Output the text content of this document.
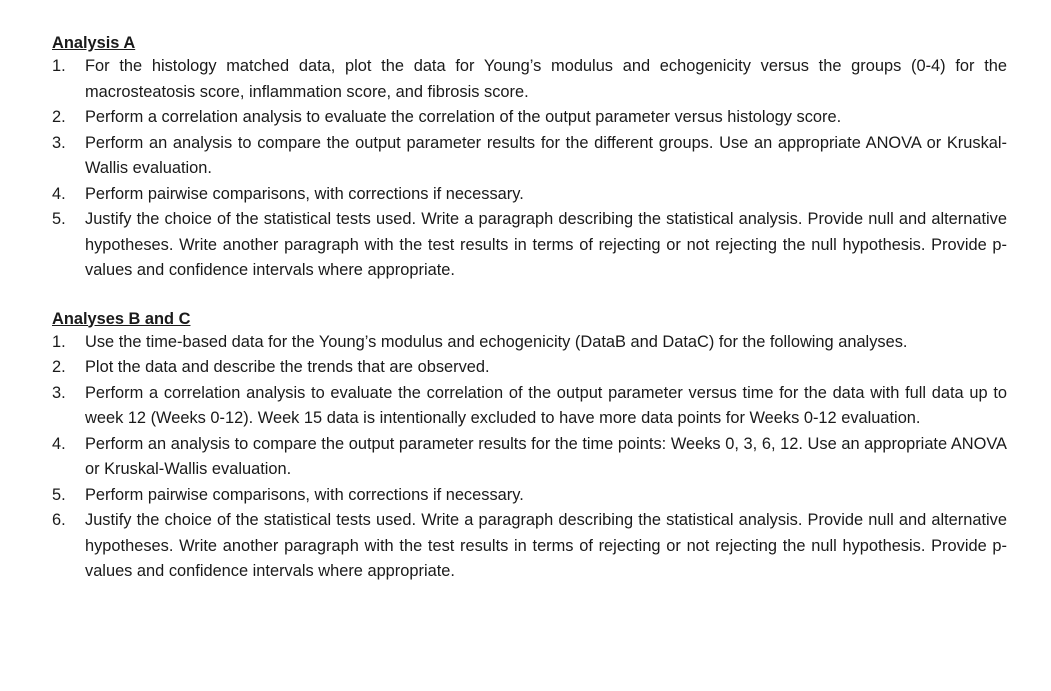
Analysis A

1.	For the histology matched data, plot the data for Young’s modulus and echogenicity versus the groups (0-4) for the macrosteatosis score, inflammation score, and fibrosis score.
2.	Perform a correlation analysis to evaluate the correlation of the output parameter versus histology score.
3.	Perform an analysis to compare the output parameter results for the different groups. Use an appropriate ANOVA or Kruskal-Wallis evaluation.
4.	Perform pairwise comparisons, with corrections if necessary.
5.	Justify the choice of the statistical tests used. Write a paragraph describing the statistical analysis. Provide null and alternative hypotheses. Write another paragraph with the test results in terms of rejecting or not rejecting the null hypothesis. Provide p-values and confidence intervals where appropriate.

Analyses B and C

1.	Use the time-based data for the Young’s modulus and echogenicity (DataB and DataC) for the following analyses.
2.	Plot the data and describe the trends that are observed.
3.	Perform a correlation analysis to evaluate the correlation of the output parameter versus time for the data with full data up to week 12 (Weeks 0-12). Week 15 data is intentionally excluded to have more data points for Weeks 0-12 evaluation.
4.	Perform an analysis to compare the output parameter results for the time points: Weeks 0, 3, 6, 12. Use an appropriate ANOVA or Kruskal-Wallis evaluation.
5.	Perform pairwise comparisons, with corrections if necessary.
6.	Justify the choice of the statistical tests used. Write a paragraph describing the statistical analysis. Provide null and alternative hypotheses. Write another paragraph with the test results in terms of rejecting or not rejecting the null hypothesis. Provide p-values and confidence intervals where appropriate.
